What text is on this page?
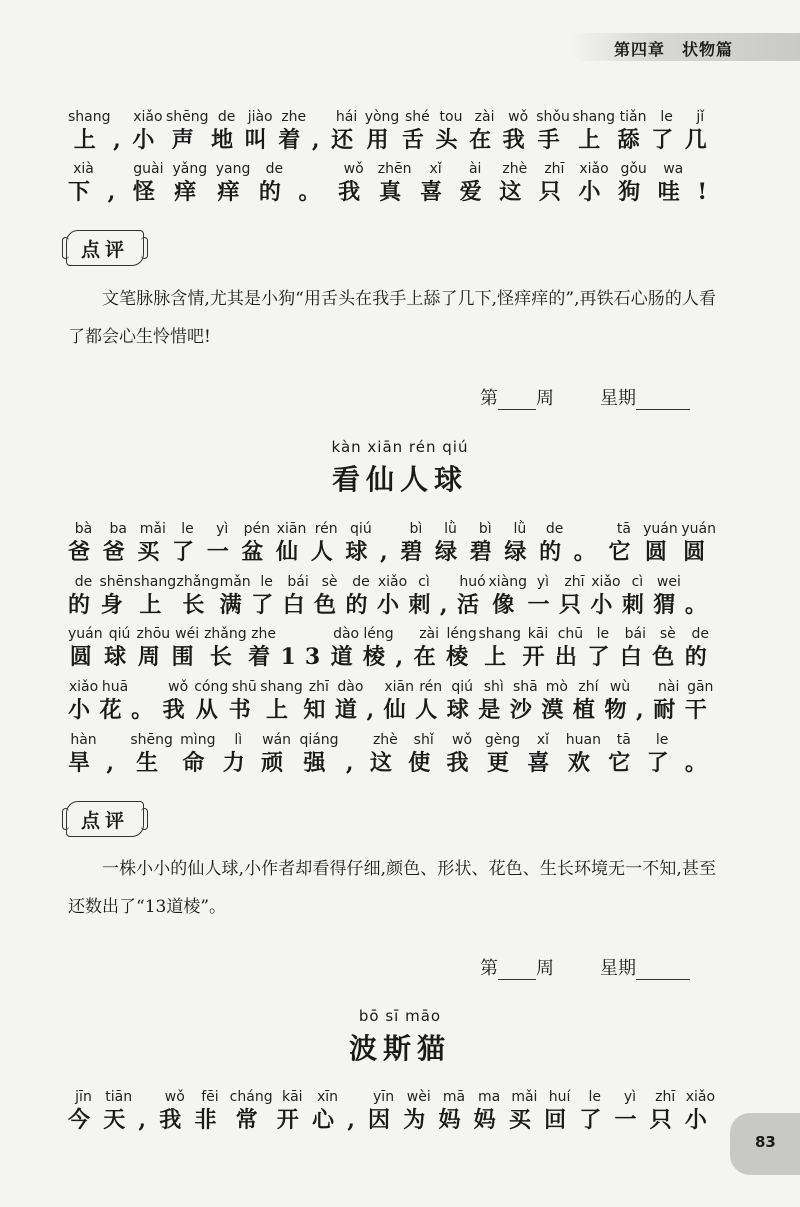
第四章　状物篇
shang
上
,
xiǎo
小
shēng
声
de
地
jiào
叫
zhe
着
,
hái
还
yòng
用
shé
舌
tou
头
zài
在
wǒ
我
shǒu
手
shang
上
tiǎn
舔
le
了
jǐ
几
xià
下
,
guài
怪
yǎng
痒
yang
痒
de
的
。
wǒ
我
zhēn
真
xǐ
喜
ài
爱
zhè
这
zhī
只
xiǎo
小
gǒu
狗
wa
哇
!
点评
文笔脉脉含情,尤其是小狗“用舌头在我手上舔了几下,怪痒痒的”,再铁石心肠的人看了都会心生怜惜吧!
第 周	星期
kàn xiān rén qiú
看仙人球
bà
爸
ba
爸
mǎi
买
le
了
yì
一
pén
盆
xiān
仙
rén
人
qiú
球
,
bì
碧
lǜ
绿
bì
碧
lǜ
绿
de
的
。
tā
它
yuán
圆
yuán
圆
de
的
shēn
身
shang
上
zhǎng
长
mǎn
满
le
了
bái
白
sè
色
de
的
xiǎo
小
cì
刺
,
huó
活
xiàng
像
yì
一
zhī
只
xiǎo
小
cì
刺
wei
猬
。
yuán
圆
qiú
球
zhōu
周
wéi
围
zhǎng
长
zhe
着
13
dào
道
léng
棱
,
zài
在
léng
棱
shang
上
kāi
开
chū
出
le
了
bái
白
sè
色
de
的
xiǎo
小
huā
花
。
wǒ
我
cóng
从
shū
书
shang
上
zhī
知
dào
道
,
xiān
仙
rén
人
qiú
球
shì
是
shā
沙
mò
漠
zhí
植
wù
物
,
nài
耐
gān
干
hàn
旱
,
shēng
生
mìng
命
lì
力
wán
顽
qiáng
强
,
zhè
这
shǐ
使
wǒ
我
gèng
更
xǐ
喜
huan
欢
tā
它
le
了
。
点评
一株小小的仙人球,小作者却看得仔细,颜色、形状、花色、生长环境无一不知,甚至还数出了“13道棱”。
第 周	星期
bō sī māo
波斯猫
jīn
今
tiān
天
,
wǒ
我
fēi
非
cháng
常
kāi
开
xīn
心
,
yīn
因
wèi
为
mā
妈
ma
妈
mǎi
买
huí
回
le
了
yì
一
zhī
只
xiǎo
小
83
